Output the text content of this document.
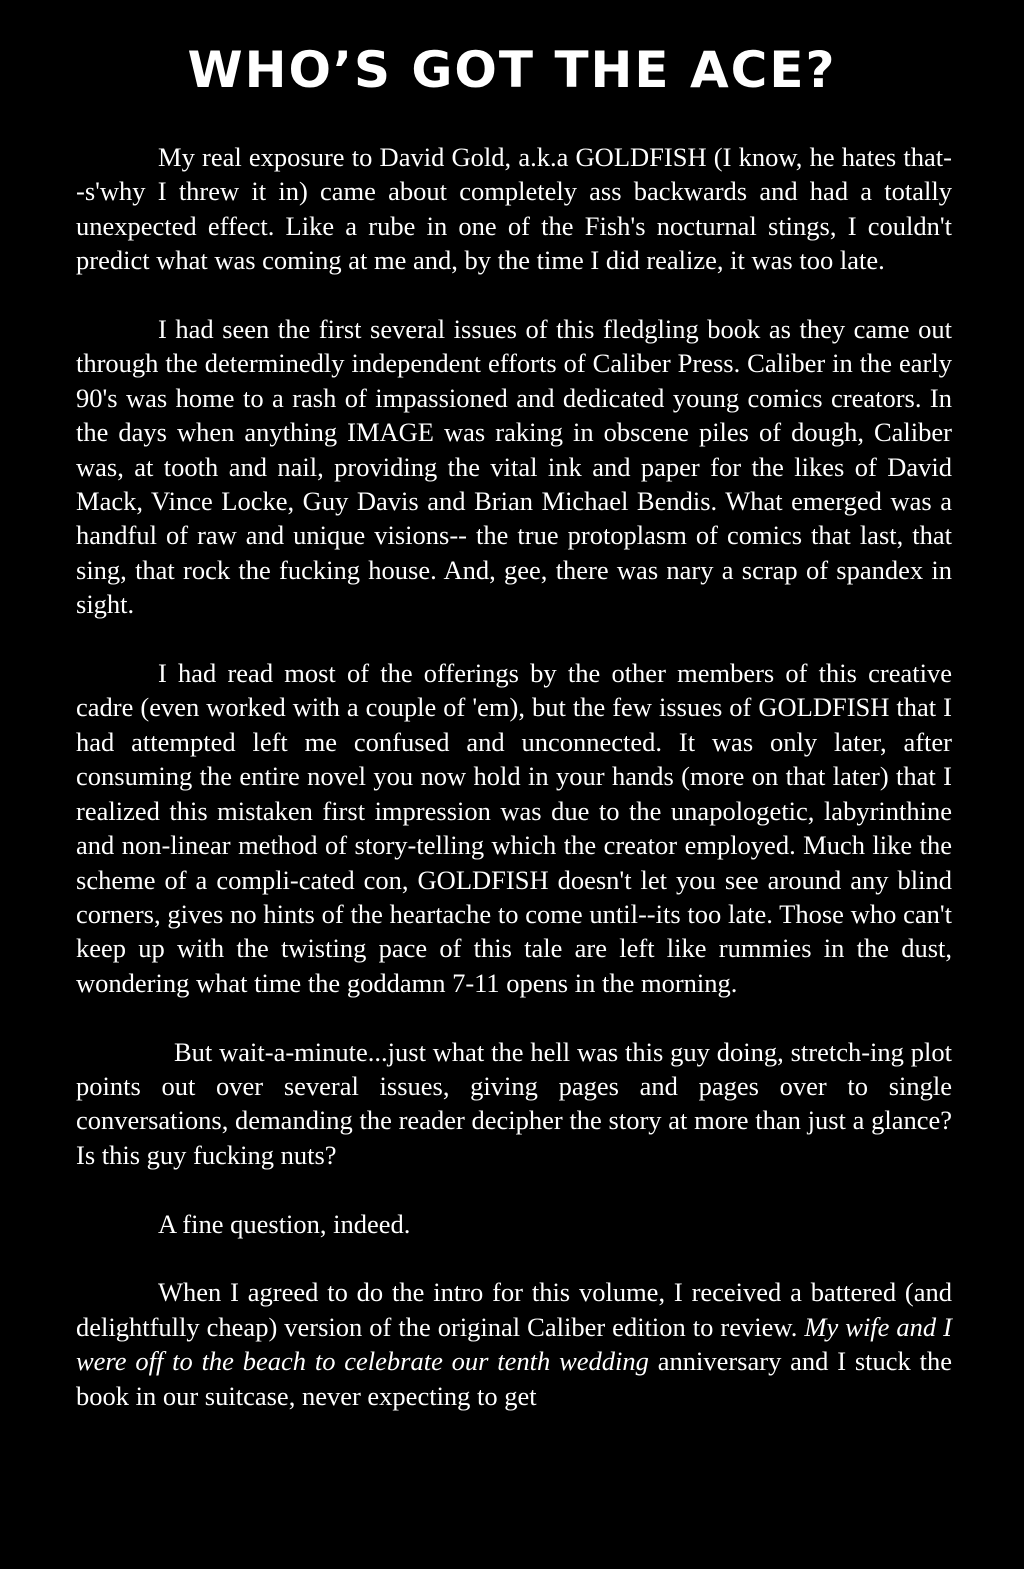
WHO’S GOT THE ACE?

My real exposure to David Gold, a.k.a GOLDFISH (I know, he hates that--s'why I threw it in) came about completely ass backwards and had a totally unexpected effect. Like a rube in one of the Fish's nocturnal stings, I couldn't predict what was coming at me and, by the time I did realize, it was too late.

I had seen the first several issues of this fledgling book as they came out through the determinedly independent efforts of Caliber Press. Caliber in the early 90's was home to a rash of impassioned and dedicated young comics creators. In the days when anything IMAGE was raking in obscene piles of dough, Caliber was, at tooth and nail, providing the vital ink and paper for the likes of David Mack, Vince Locke, Guy Davis and Brian Michael Bendis. What emerged was a handful of raw and unique visions-- the true protoplasm of comics that last, that sing, that rock the fucking house. And, gee, there was nary a scrap of spandex in sight.

I had read most of the offerings by the other members of this creative cadre (even worked with a couple of 'em), but the few issues of GOLDFISH that I had attempted left me confused and unconnected. It was only later, after consuming the entire novel you now hold in your hands (more on that later) that I realized this mistaken first impression was due to the unapologetic, labyrinthine and non-linear method of story-telling which the creator employed. Much like the scheme of a compli-cated con, GOLDFISH doesn't let you see around any blind corners, gives no hints of the heartache to come until--its too late. Those who can't keep up with the twisting pace of this tale are left like rummies in the dust, wondering what time the goddamn 7-11 opens in the morning.

But wait-a-minute...just what the hell was this guy doing, stretch-ing plot points out over several issues, giving pages and pages over to single conversations, demanding the reader decipher the story at more than just a glance? Is this guy fucking nuts?

A fine question, indeed.

When I agreed to do the intro for this volume, I received a battered (and delightfully cheap) version of the original Caliber edition to review. My wife and I were off to the beach to celebrate our tenth wedding anniversary and I stuck the book in our suitcase, never expecting to get
